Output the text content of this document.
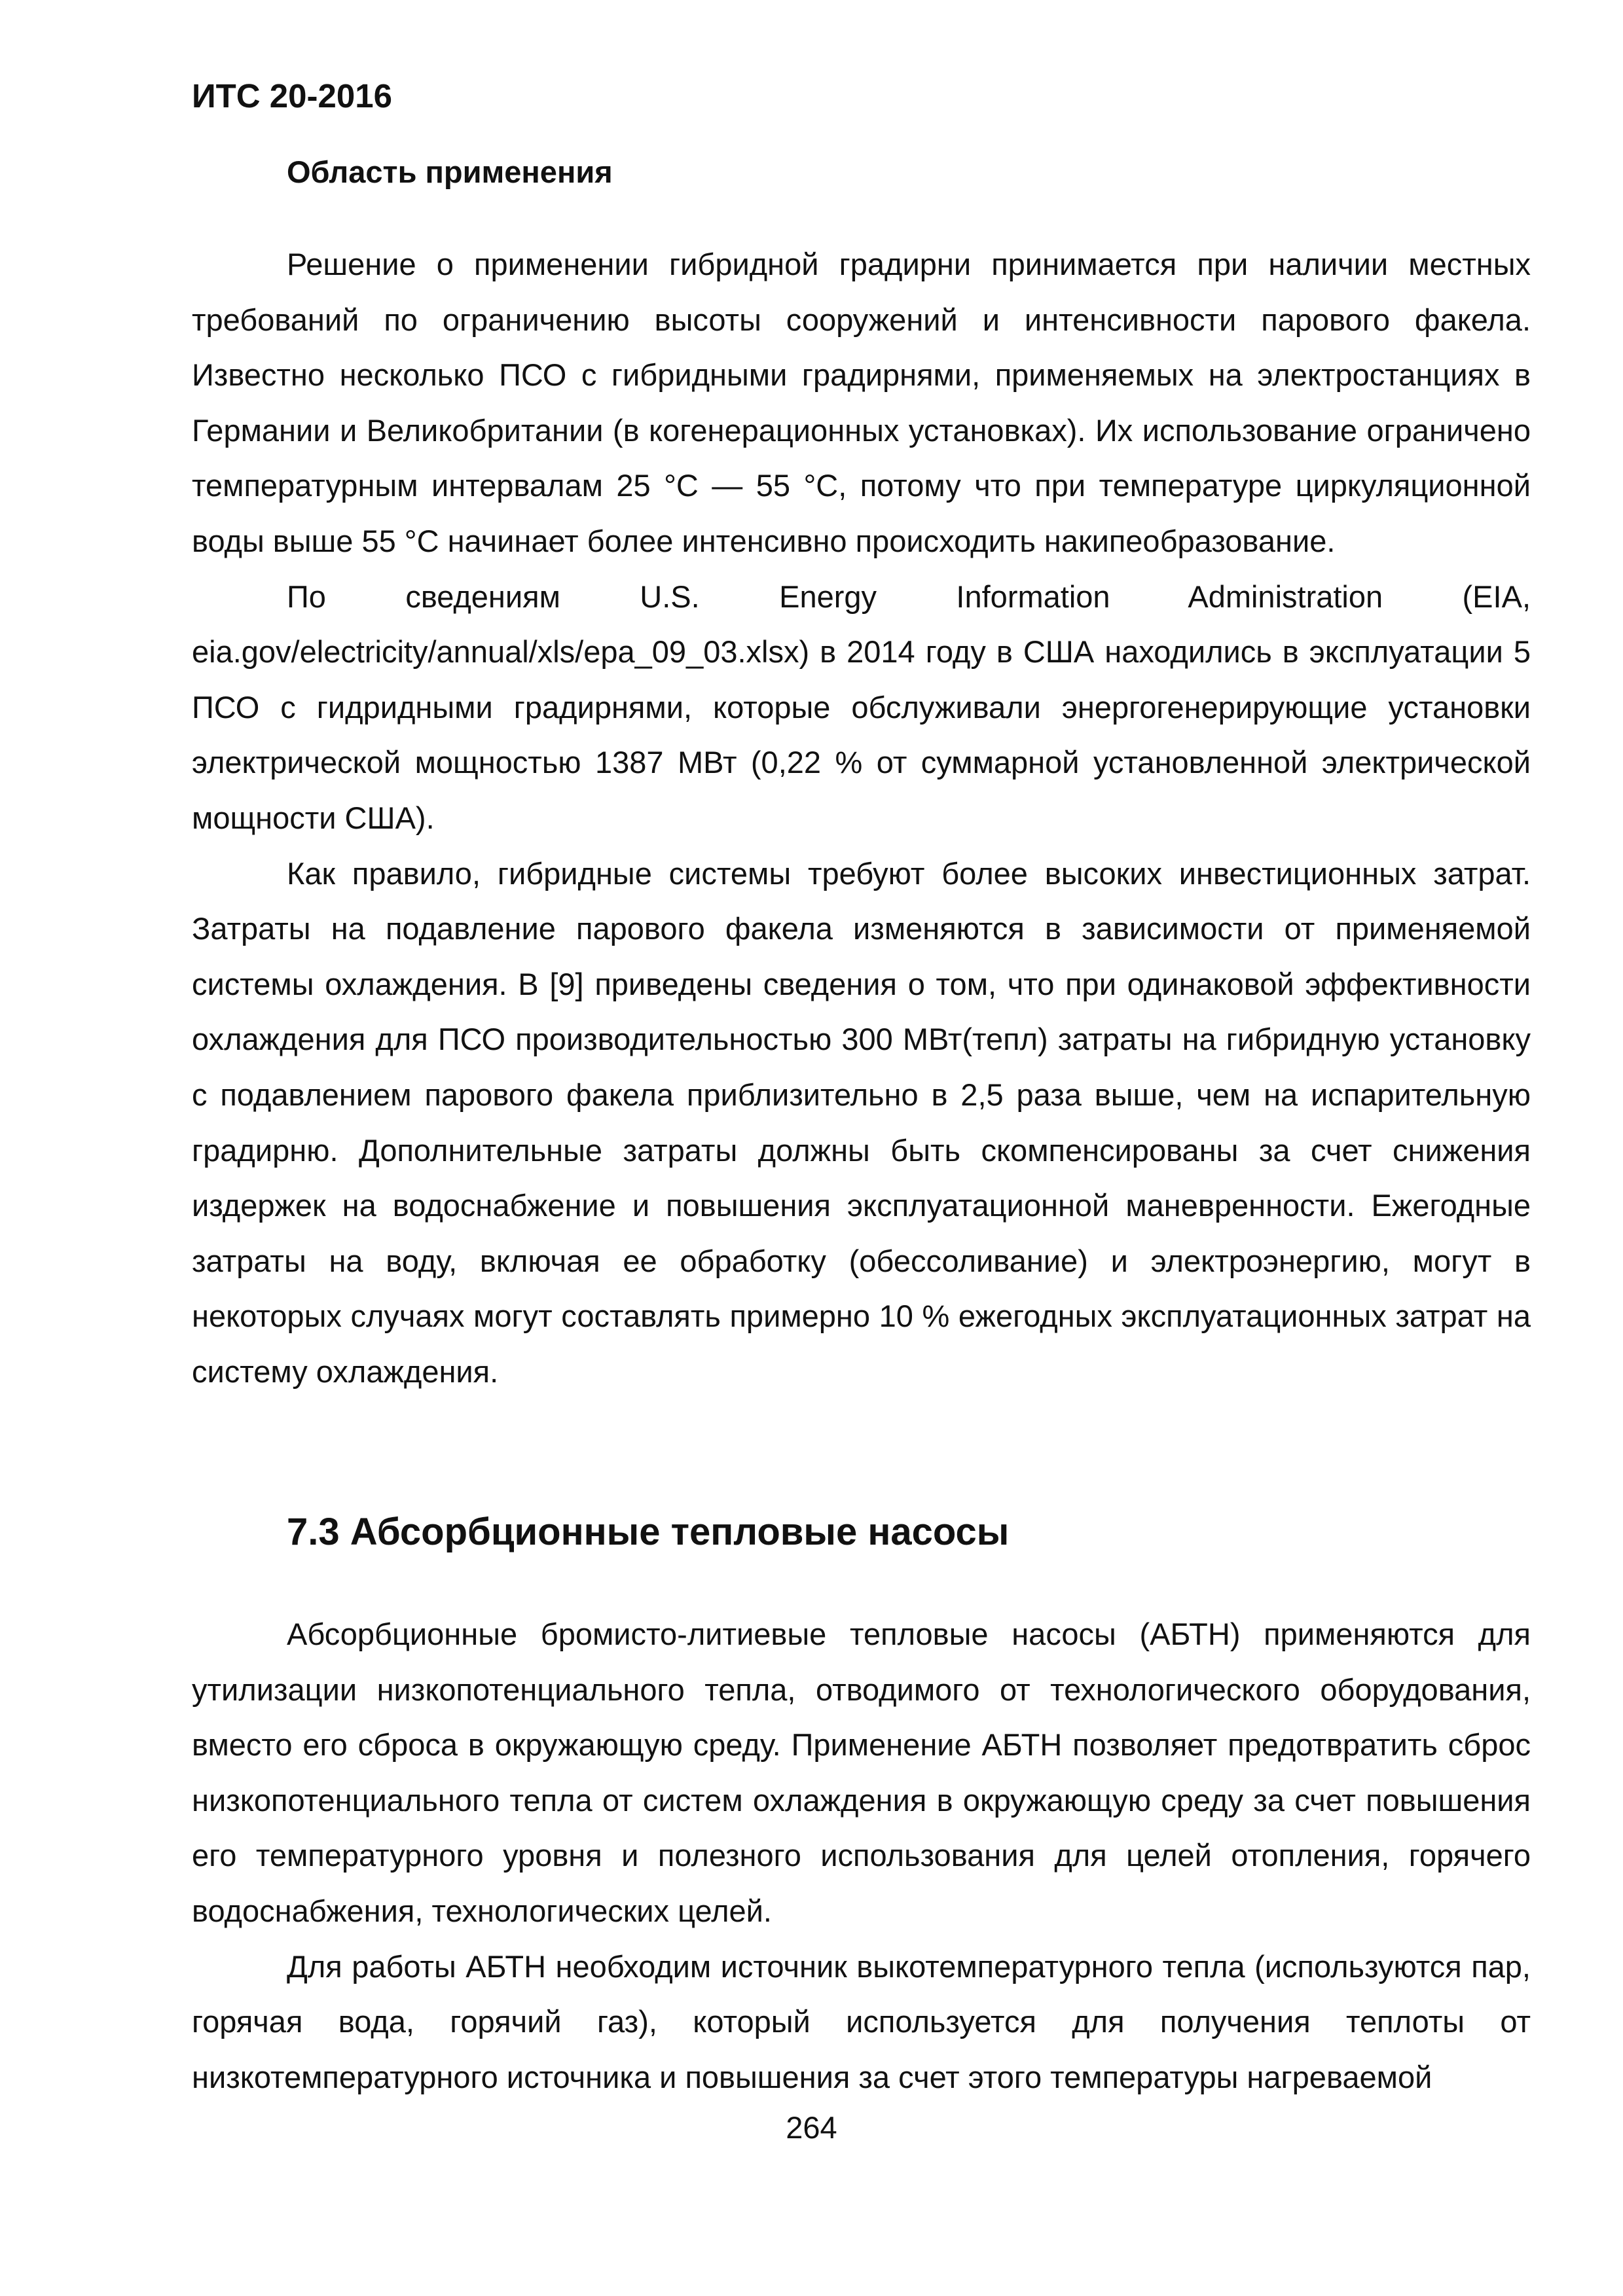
ИТС 20-2016
Область применения

Решение о применении гибридной градирни принимается при наличии местных требований по ограничению высоты сооружений и интенсивности парового факела. Известно несколько ПСО с гибридными градирнями, применяемых на электростанциях в Германии и Великобритании (в когенерационных установках). Их использование ограничено температурным интервалам 25 °С — 55 °С, потому что при температуре циркуляционной воды выше 55 °С начинает более интенсивно происходить накипеобразование.

По сведениям U.S. Energy Information Administration (EIA, eia.gov/electricity/annual/xls/epa_09_03.xlsx) в 2014 году в США находились в эксплуатации 5 ПСО с гидридными градирнями, которые обслуживали энергогенерирующие установки электрической мощностью 1387 МВт (0,22 % от суммарной установленной электрической мощности США).

Как правило, гибридные системы требуют более высоких инвестиционных затрат. Затраты на подавление парового факела изменяются в зависимости от применяемой системы охлаждения. В [9] приведены сведения о том, что при одинаковой эффективности охлаждения для ПСО производительностью 300 МВт(тепл) затраты на гибридную установку с подавлением парового факела приблизительно в 2,5 раза выше, чем на испарительную градирню. Дополнительные затраты должны быть скомпенсированы за счет снижения издержек на водоснабжение и повышения эксплуатационной маневренности. Ежегодные затраты на воду, включая ее обработку (обессоливание) и электроэнергию, могут в некоторых случаях могут составлять примерно 10 % ежегодных эксплуатационных затрат на систему охлаждения.

7.3 Абсорбционные тепловые насосы

Абсорбционные бромисто-литиевые тепловые насосы (АБТН) применяются для утилизации низкопотенциального тепла, отводимого от технологического оборудования, вместо его сброса в окружающую среду. Применение АБТН позволяет предотвратить сброс низкопотенциального тепла от систем охлаждения в окружающую среду за счет повышения его температурного уровня и полезного использования для целей отопления, горячего водоснабжения, технологических целей.

Для работы АБТН необходим источник выкотемпературного тепла (используются пар, горячая вода, горячий газ), который используется для получения теплоты от низкотемпературного источника и повышения за счет этого температуры нагреваемой

264
